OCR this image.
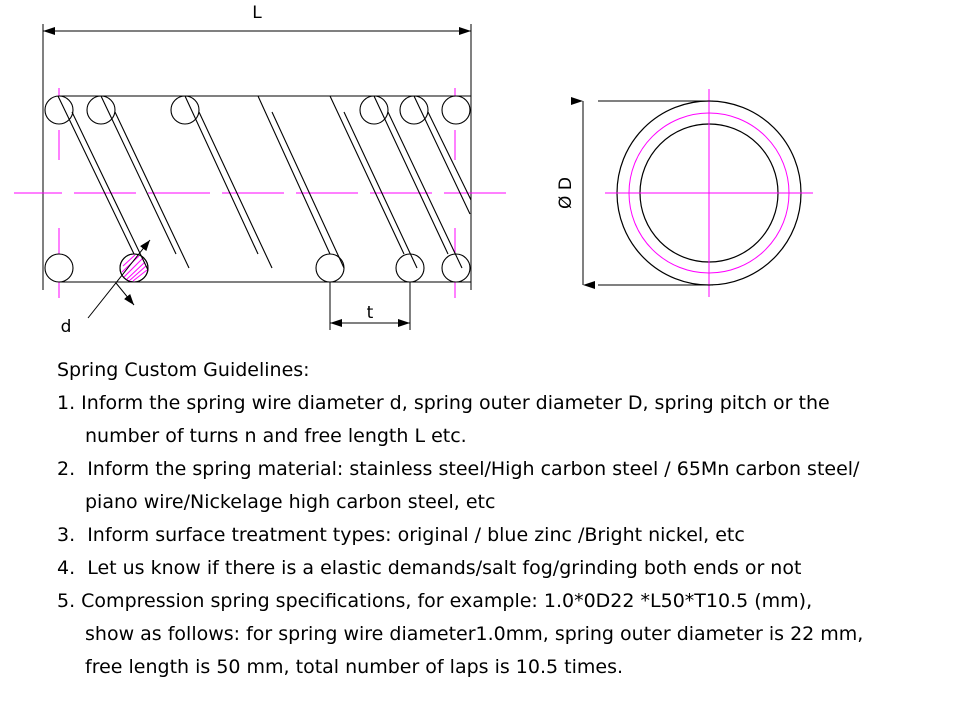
L
t
d
Ø D
Spring Custom Guidelines:
1. Inform the spring wire diameter d, spring outer diameter D, spring pitch or the
number of turns n and free length L etc.
2.  Inform the spring material: stainless steel/High carbon steel / 65Mn carbon steel/
piano wire/Nickelage high carbon steel, etc
3.  Inform surface treatment types: original / blue zinc /Bright nickel, etc
4.  Let us know if there is a elastic demands/salt fog/grinding both ends or not
5. Compression spring specifications, for example: 1.0*0D22 *L50*T10.5 (mm),
show as follows: for spring wire diameter1.0mm, spring outer diameter is 22 mm,
free length is 50 mm, total number of laps is 10.5 times.
